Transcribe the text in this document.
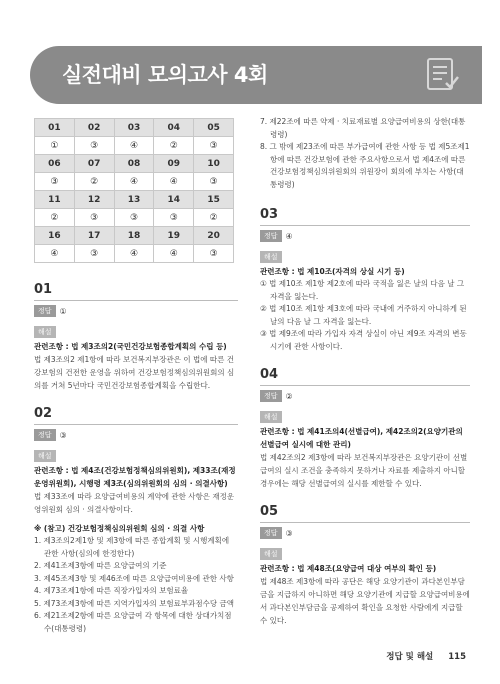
실전대비 모의고사 4회
01	02	03	04	05
①	③	④	②	③
06	07	08	09	10
③	②	④	④	③
11	12	13	14	15
②	③	③	③	②
16	17	18	19	20
④	③	④	④	③
01
정답	①
해설

관련조항 : 법 제3조의2(국민건강보험종합계획의 수립 등)

법 제3조의2 제1항에 따라 보건복지부장관은 이 법에 따른 건강보험의 건전한 운영을 위하여 건강보험정책심의위원회의 심의를 거쳐 5년마다 국민건강보험종합계획을 수립한다.

02
정답	③
해설

관련조항 : 법 제4조(건강보험정책심의위원회), 제33조(재정운영위원회), 시행령 제3조(심의위원회의 심의 · 의결사항)

법 제33조에 따라 요양급여비용의 계약에 관한 사항은 재정운영위원회 심의 · 의결사항이다.

※ (참고) 건강보험정책심의위원회 심의 · 의결 사항

1. 제3조의2제1항 및 제3항에 따른 종합계획 및 시행계획에 관한 사항(심의에 한정한다)
2. 제41조제3항에 따른 요양급여의 기준
3. 제45조제3항 및 제46조에 따른 요양급여비용에 관한 사항
4. 제73조제1항에 따른 직장가입자의 보험료율
5. 제73조제3항에 따른 지역가입자의 보험료부과점수당 금액
6. 제21조제2항에 따른 요양급여 각 항목에 대한 상대가치점수(대통령령)
7. 제22조에 따른 약제 · 치료재료별 요양급여비용의 상한(대통령령)
8. 그 밖에 제23조에 따른 부가급여에 관한 사항 등 법 제5조제1항에 따른 건강보험에 관한 주요사항으로서 법 제4조에 따른 건강보험정책심의위원회의 위원장이 회의에 부치는 사항(대통령령)
03
정답	④
해설

관련조항 : 법 제10조(자격의 상실 시기 등)

① 법 제10조 제1항 제2호에 따라 국적을 잃은 날의 다음 날 그 자격을 잃는다.
② 법 제10조 제1항 제3호에 따라 국내에 거주하지 아니하게 된 날의 다음 날 그 자격을 잃는다.
③ 법 제9조에 따라 가입자 자격 상실이 아닌 제9조 자격의 변동 시기에 관한 사항이다.
04
정답	②
해설

관련조항 : 법 제41조의4(선별급여), 제42조의2(요양기관의 선별급여 실시에 대한 관리)

법 제42조의2 제3항에 따라 보건복지부장관은 요양기관이 선별급여의 실시 조건을 충족하지 못하거나 자료를 제출하지 아니할 경우에는 해당 선별급여의 실시를 제한할 수 있다.

05
정답	③
해설

관련조항 : 법 제48조(요양급여 대상 여부의 확인 등)

법 제48조 제3항에 따라 공단은 해당 요양기관이 과다본인부담금을 지급하지 아니하면 해당 요양기관에 지급할 요양급여비용에서 과다본인부담금을 공제하여 확인을 요청한 사람에게 지급할 수 있다.

정답 및 해설 115
